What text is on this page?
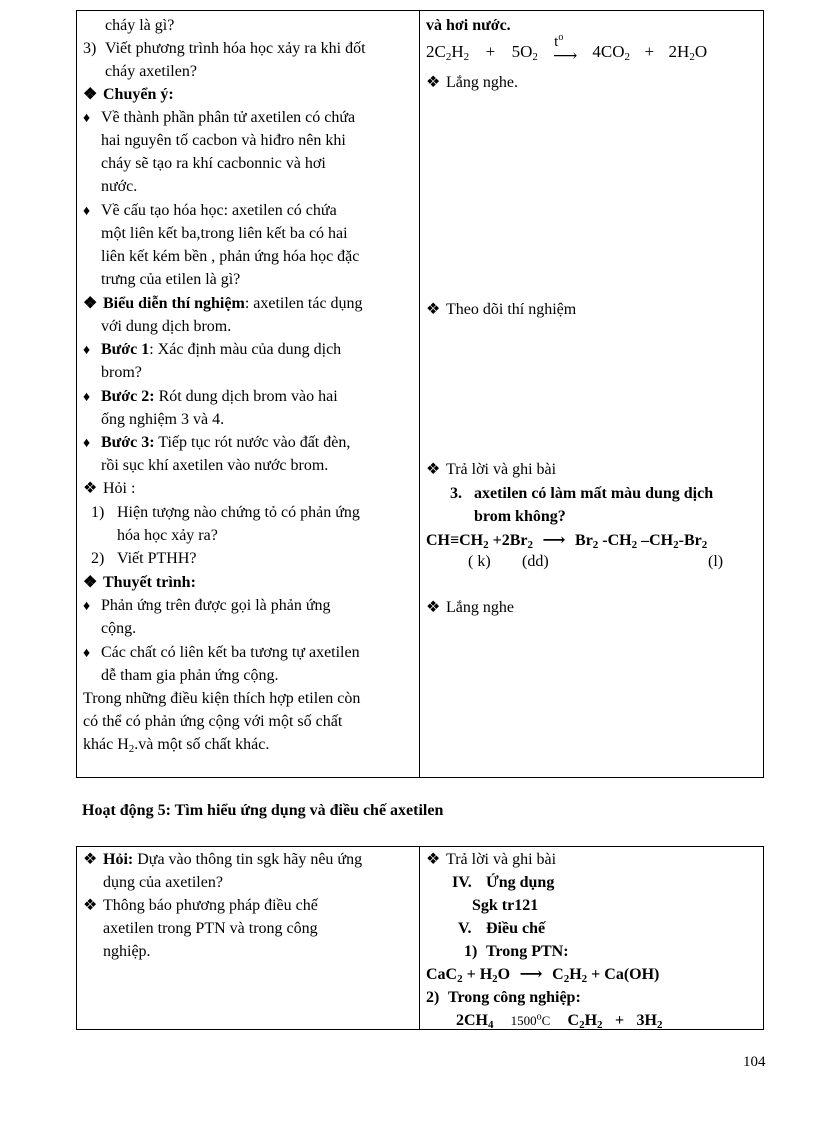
cháy là gì?
3) Viết phương trình hóa học xảy ra khi đốt
cháy axetilen?
❖ Chuyển ý:
♦ Về thành phần phân tử axetilen có chứa
hai nguyên tố cacbon và hiđro nên khi
cháy sẽ tạo ra khí cacbonnic và hơi
nước.
♦ Về cấu tạo hóa học: axetilen có chứa
một liên kết ba,trong liên kết ba có hai
liên kết kém bền , phản ứng hóa học đặc
trưng của etilen là gì?
❖ Biểu diễn thí nghiệm: axetilen tác dụng
với dung dịch brom.
♦ Bước 1: Xác định màu của dung dịch
brom?
♦ Bước 2: Rót dung dịch brom vào hai
ống nghiệm 3 và 4.
♦ Bước 3: Tiếp tục rót nước vào đất đèn,
rồi sục khí axetilen vào nước brom.
❖ Hỏi :
1) Hiện tượng nào chứng tỏ có phản ứng
hóa học xảy ra?
2) Viết PTHH?
❖ Thuyết trình:
♦ Phản ứng trên được gọi là phản ứng
cộng.
♦ Các chất có liên kết ba tương tự axetilen
dễ tham gia phản ứng cộng.
Trong những điều kiện thích hợp etilen còn
có thể có phản ứng cộng với một số chất
khác $H_2.và$ một số chất khác.
và hơi nước.
$2C_2H_2 + 5O_2$
$t^o$
⟶ $4CO_2 + 2H_2O$
❖ Lắng nghe.
❖ Theo dõi thí nghiệm
❖ Trả lời và ghi bài
3. axetilen có làm mất màu dung dịch
brom không?
$CH\equiv CH_2 +2Br_2$ ⟶ $Br_2$ $-CH_2$ $-CH_2-Br_2$
( k) (dd)	(l)
❖ Lắng nghe
Hoạt động 5: Tìm hiểu ứng dụng và điều chế axetilen
❖ Hỏi: Dựa vào thông tin sgk hãy nêu ứng
dụng của axetilen?
❖ Thông báo phương pháp điều chế
axetilen trong PTN và trong công
nghiệp.
❖ Trả lời và ghi bài
IV. Ứng dụng
Sgk tr121
V. Điều chế
1) Trong PTN:
$CaC_2 + H_2O$ ⟶ $C_2H_2 + Ca(OH)$
2) Trong công nghiệp:
$2CH_4$ 1500$^o$C $C_2H_2 + 3H_2$
104
